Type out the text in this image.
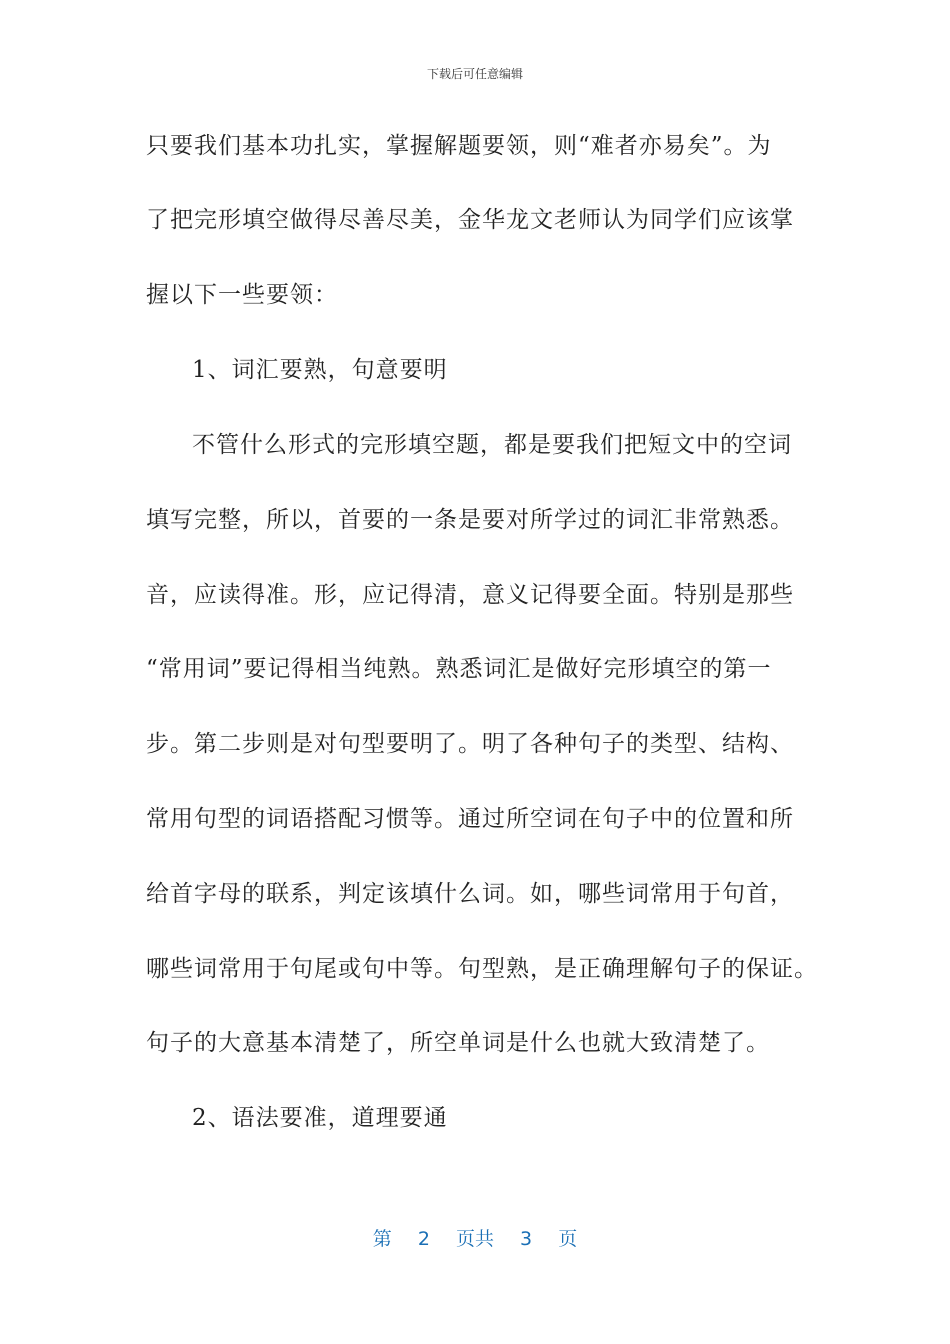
下载后可任意编辑
只要我们基本功扎实，掌握解题要领，则“难者亦易矣”。为
了把完形填空做得尽善尽美，金华龙文老师认为同学们应该掌
握以下一些要领：
1、词汇要熟，句意要明
不管什么形式的完形填空题，都是要我们把短文中的空词
填写完整，所以，首要的一条是要对所学过的词汇非常熟悉。
音，应读得准。形，应记得清，意义记得要全面。特别是那些
“常用词”要记得相当纯熟。熟悉词汇是做好完形填空的第一
步。第二步则是对句型要明了。明了各种句子的类型、结构、
常用句型的词语搭配习惯等。通过所空词在句子中的位置和所
给首字母的联系，判定该填什么词。如，哪些词常用于句首，
哪些词常用于句尾或句中等。句型熟，是正确理解句子的保证。
句子的大意基本清楚了，所空单词是什么也就大致清楚了。
2、语法要准，道理要通
第 2 页共 3 页
